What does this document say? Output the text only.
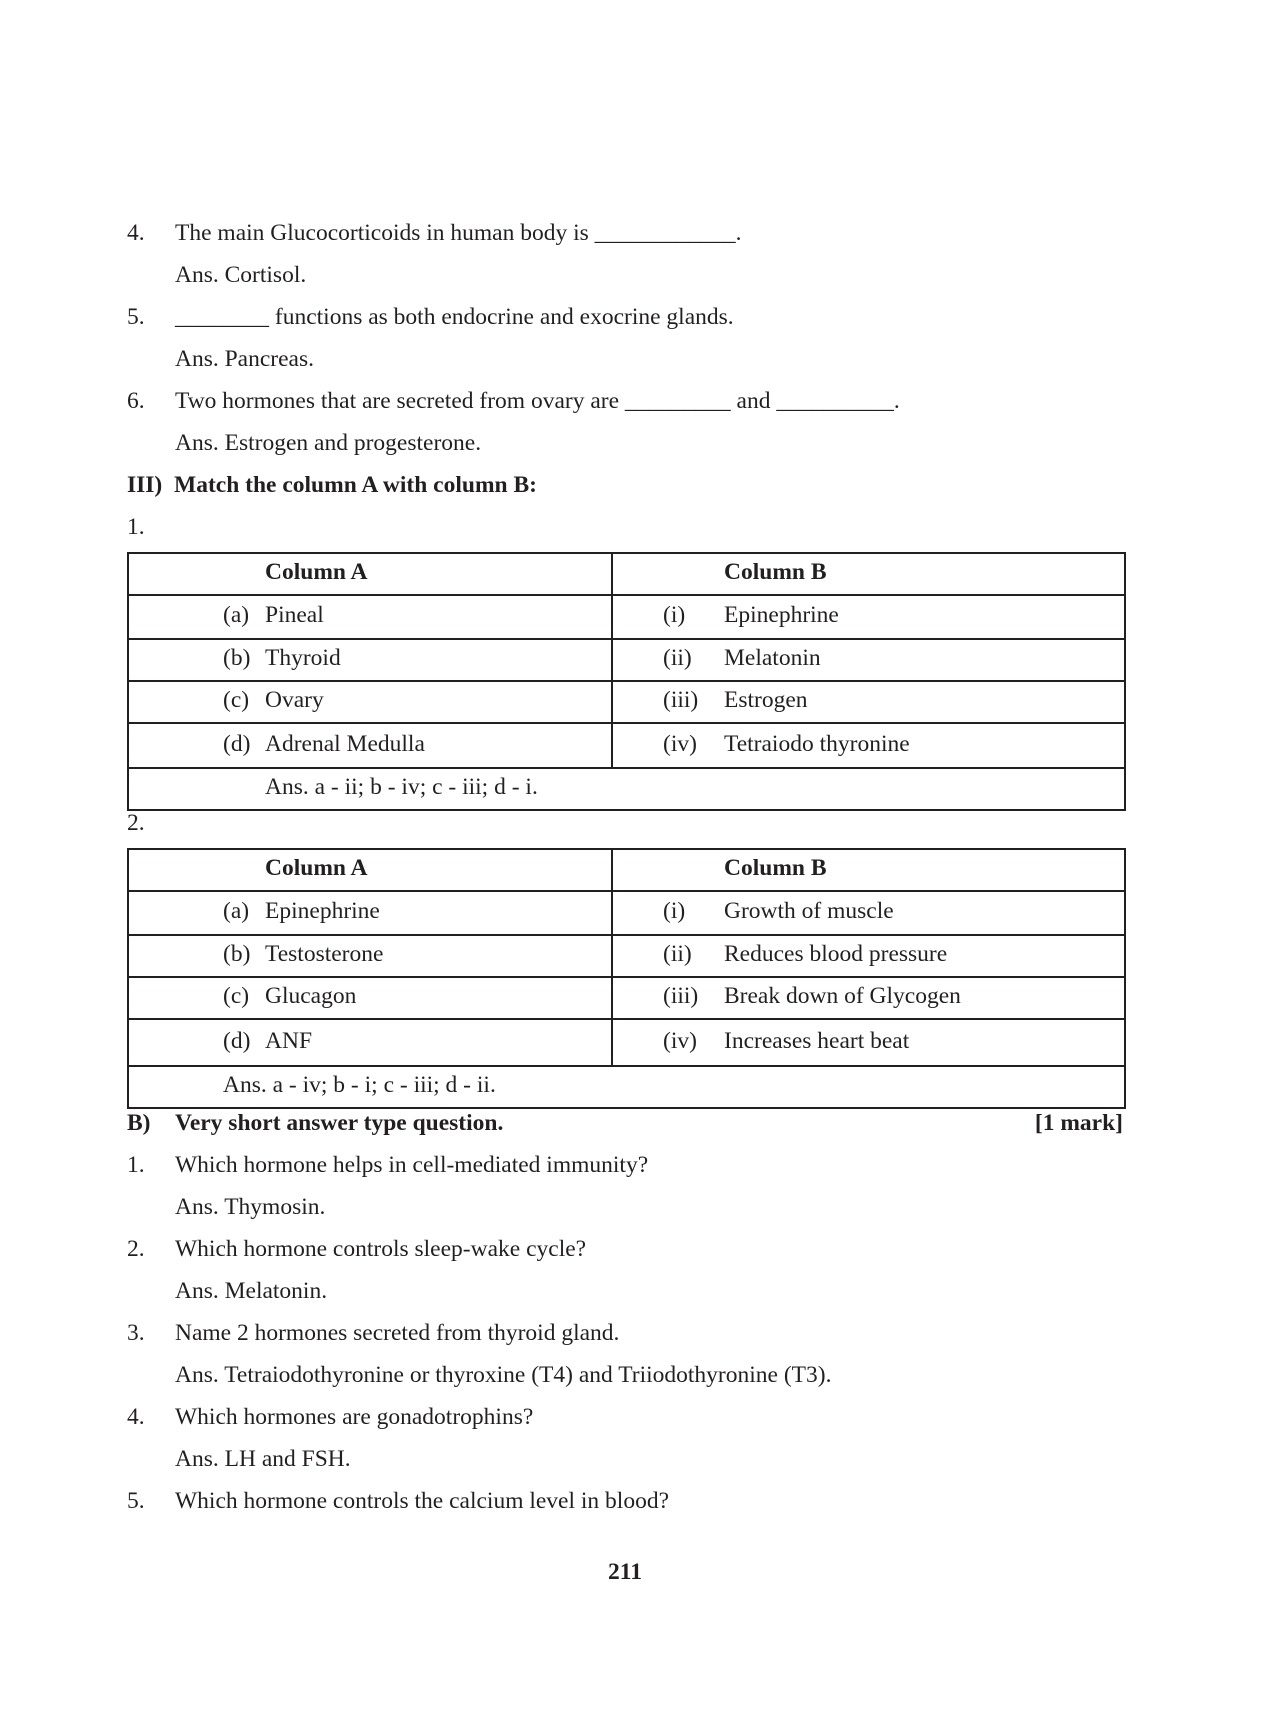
4. The main Glucocorticoids in human body is ____________.
Ans. Cortisol.
5. ________ functions as both endocrine and exocrine glands.
Ans. Pancreas.
6. Two hormones that are secreted from ovary are _________ and __________.
Ans. Estrogen and progesterone.
III)  Match the column A with column B:
1.
Column A	Column B

(a) Pineal	(i) Epinephrine

(b) Thyroid	(ii) Melatonin

(c) Ovary	(iii) Estrogen

(d) Adrenal Medulla	(iv) Tetraiodo thyronine

Ans. a - ii; b - iv; c - iii; d - i.	
2.
Column A	Column B

(a) Epinephrine	(i) Growth of muscle

(b) Testosterone	(ii) Reduces blood pressure

(c) Glucagon	(iii) Break down of Glycogen

(d) ANF	(iv) Increases heart beat

Ans. a - iv; b - i; c - iii; d - ii.	
B) Very short answer type question.	[1 mark]
1. Which hormone helps in cell-mediated immunity?
Ans. Thymosin.
2. Which hormone controls sleep-wake cycle?
Ans. Melatonin.
3. Name 2 hormones secreted from thyroid gland.
Ans. Tetraiodothyronine or thyroxine (T4) and Triiodothyronine (T3).
4. Which hormones are gonadotrophins?
Ans. LH and FSH.
5. Which hormone controls the calcium level in blood?
211
